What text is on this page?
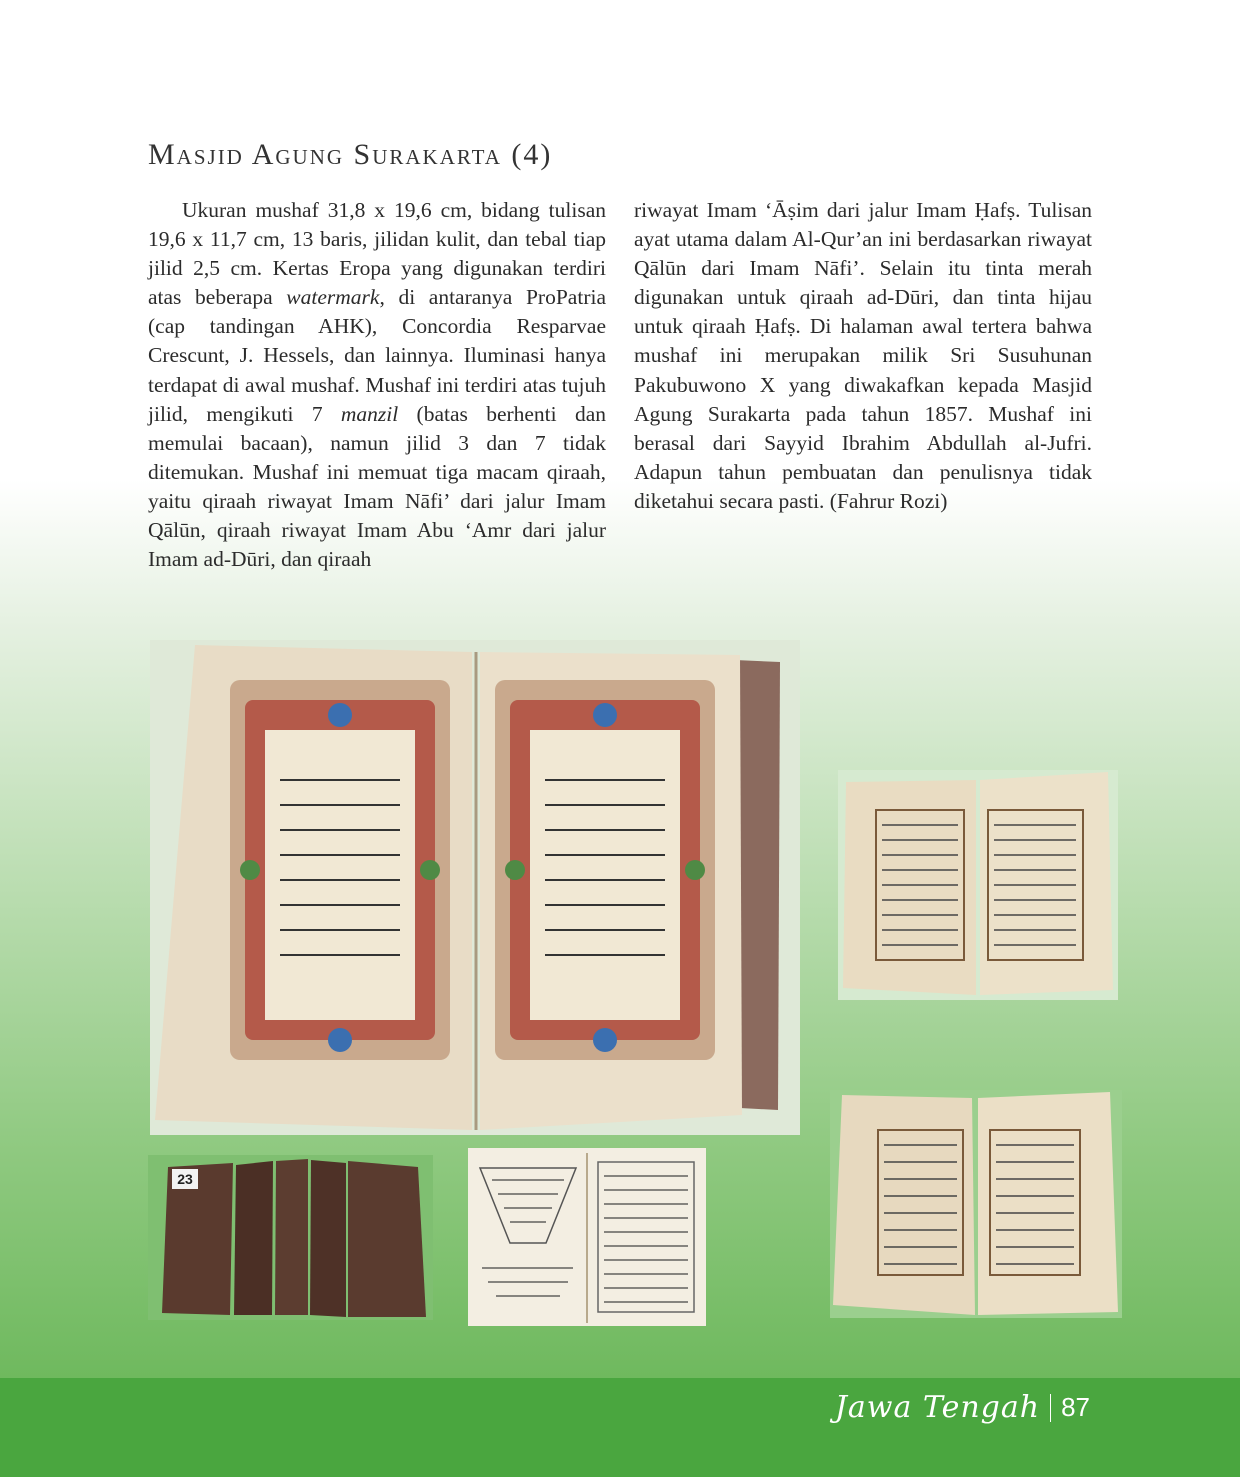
Masjid Agung Surakarta (4)

Ukuran mushaf 31,8 x 19,6 cm, bidang tulisan 19,6 x 11,7 cm, 13 baris, jilidan kulit, dan tebal tiap jilid 2,5 cm. Kertas Eropa yang digunakan terdiri atas beberapa watermark, di antaranya ProPatria (cap tandingan AHK), Concordia Resparvae Crescunt, J. Hessels, dan lainnya. Iluminasi hanya terdapat di awal mushaf. Mushaf ini terdiri atas tujuh jilid, mengikuti 7 manzil (batas berhenti dan memulai bacaan), namun jilid 3 dan 7 tidak ditemukan. Mushaf ini memuat tiga macam qiraah, yaitu qiraah riwayat Imam Nāfi’ dari jalur Imam Qālūn, qiraah riwayat Imam Abu ‘Amr dari jalur Imam ad-Dūri, dan qiraah

riwayat Imam ‘Āṣim dari jalur Imam Ḥafṣ. Tulisan ayat utama dalam Al-Qur’an ini berdasarkan riwayat Qālūn dari Imam Nāfi’. Selain itu tinta merah digunakan untuk qiraah ad-Dūri, dan tinta hijau untuk qiraah Ḥafṣ. Di halaman awal tertera bahwa mushaf ini merupakan milik Sri Susuhunan Pakubuwono X yang diwakafkan kepada Masjid Agung Surakarta pada tahun 1857. Mushaf ini berasal dari Sayyid Ibrahim Abdullah al-Jufri. Adapun tahun pembuatan dan penulisnya tidak diketahui secara pasti. (Fahrur Rozi)

23
Jawa Tengah 87
